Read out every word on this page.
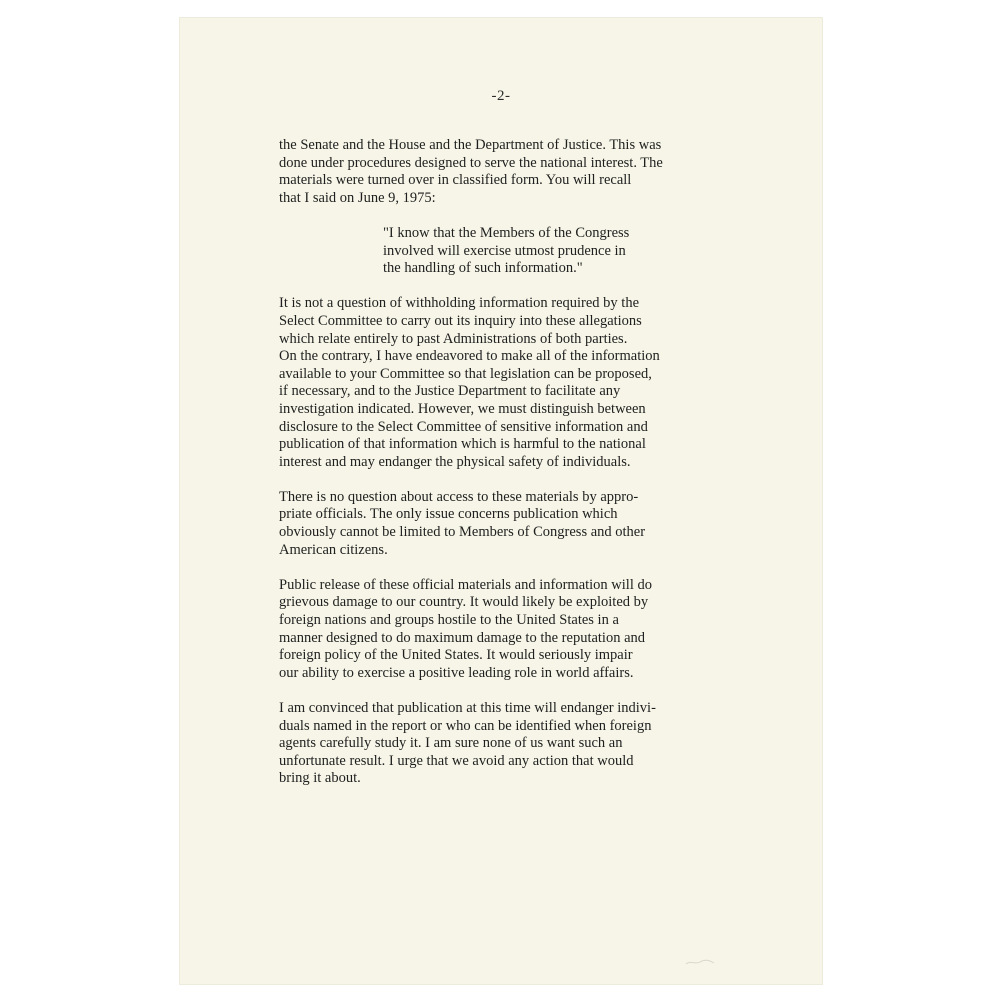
-2-

the Senate and the House and the Department of Justice. This was
done under procedures designed to serve the national interest. The
materials were turned over in classified form. You will recall
that I said on June 9, 1975:

"I know that the Members of the Congress
involved will exercise utmost prudence in
the handling of such information."

It is not a question of withholding information required by the
Select Committee to carry out its inquiry into these allegations
which relate entirely to past Administrations of both parties.
On the contrary, I have endeavored to make all of the information
available to your Committee so that legislation can be proposed,
if necessary, and to the Justice Department to facilitate any
investigation indicated. However, we must distinguish between
disclosure to the Select Committee of sensitive information and
publication of that information which is harmful to the national
interest and may endanger the physical safety of individuals.

There is no question about access to these materials by appro-
priate officials. The only issue concerns publication which
obviously cannot be limited to Members of Congress and other
American citizens.

Public release of these official materials and information will do
grievous damage to our country. It would likely be exploited by
foreign nations and groups hostile to the United States in a
manner designed to do maximum damage to the reputation and
foreign policy of the United States. It would seriously impair
our ability to exercise a positive leading role in world affairs.

I am convinced that publication at this time will endanger indivi-
duals named in the report or who can be identified when foreign
agents carefully study it. I am sure none of us want such an
unfortunate result. I urge that we avoid any action that would
bring it about.
